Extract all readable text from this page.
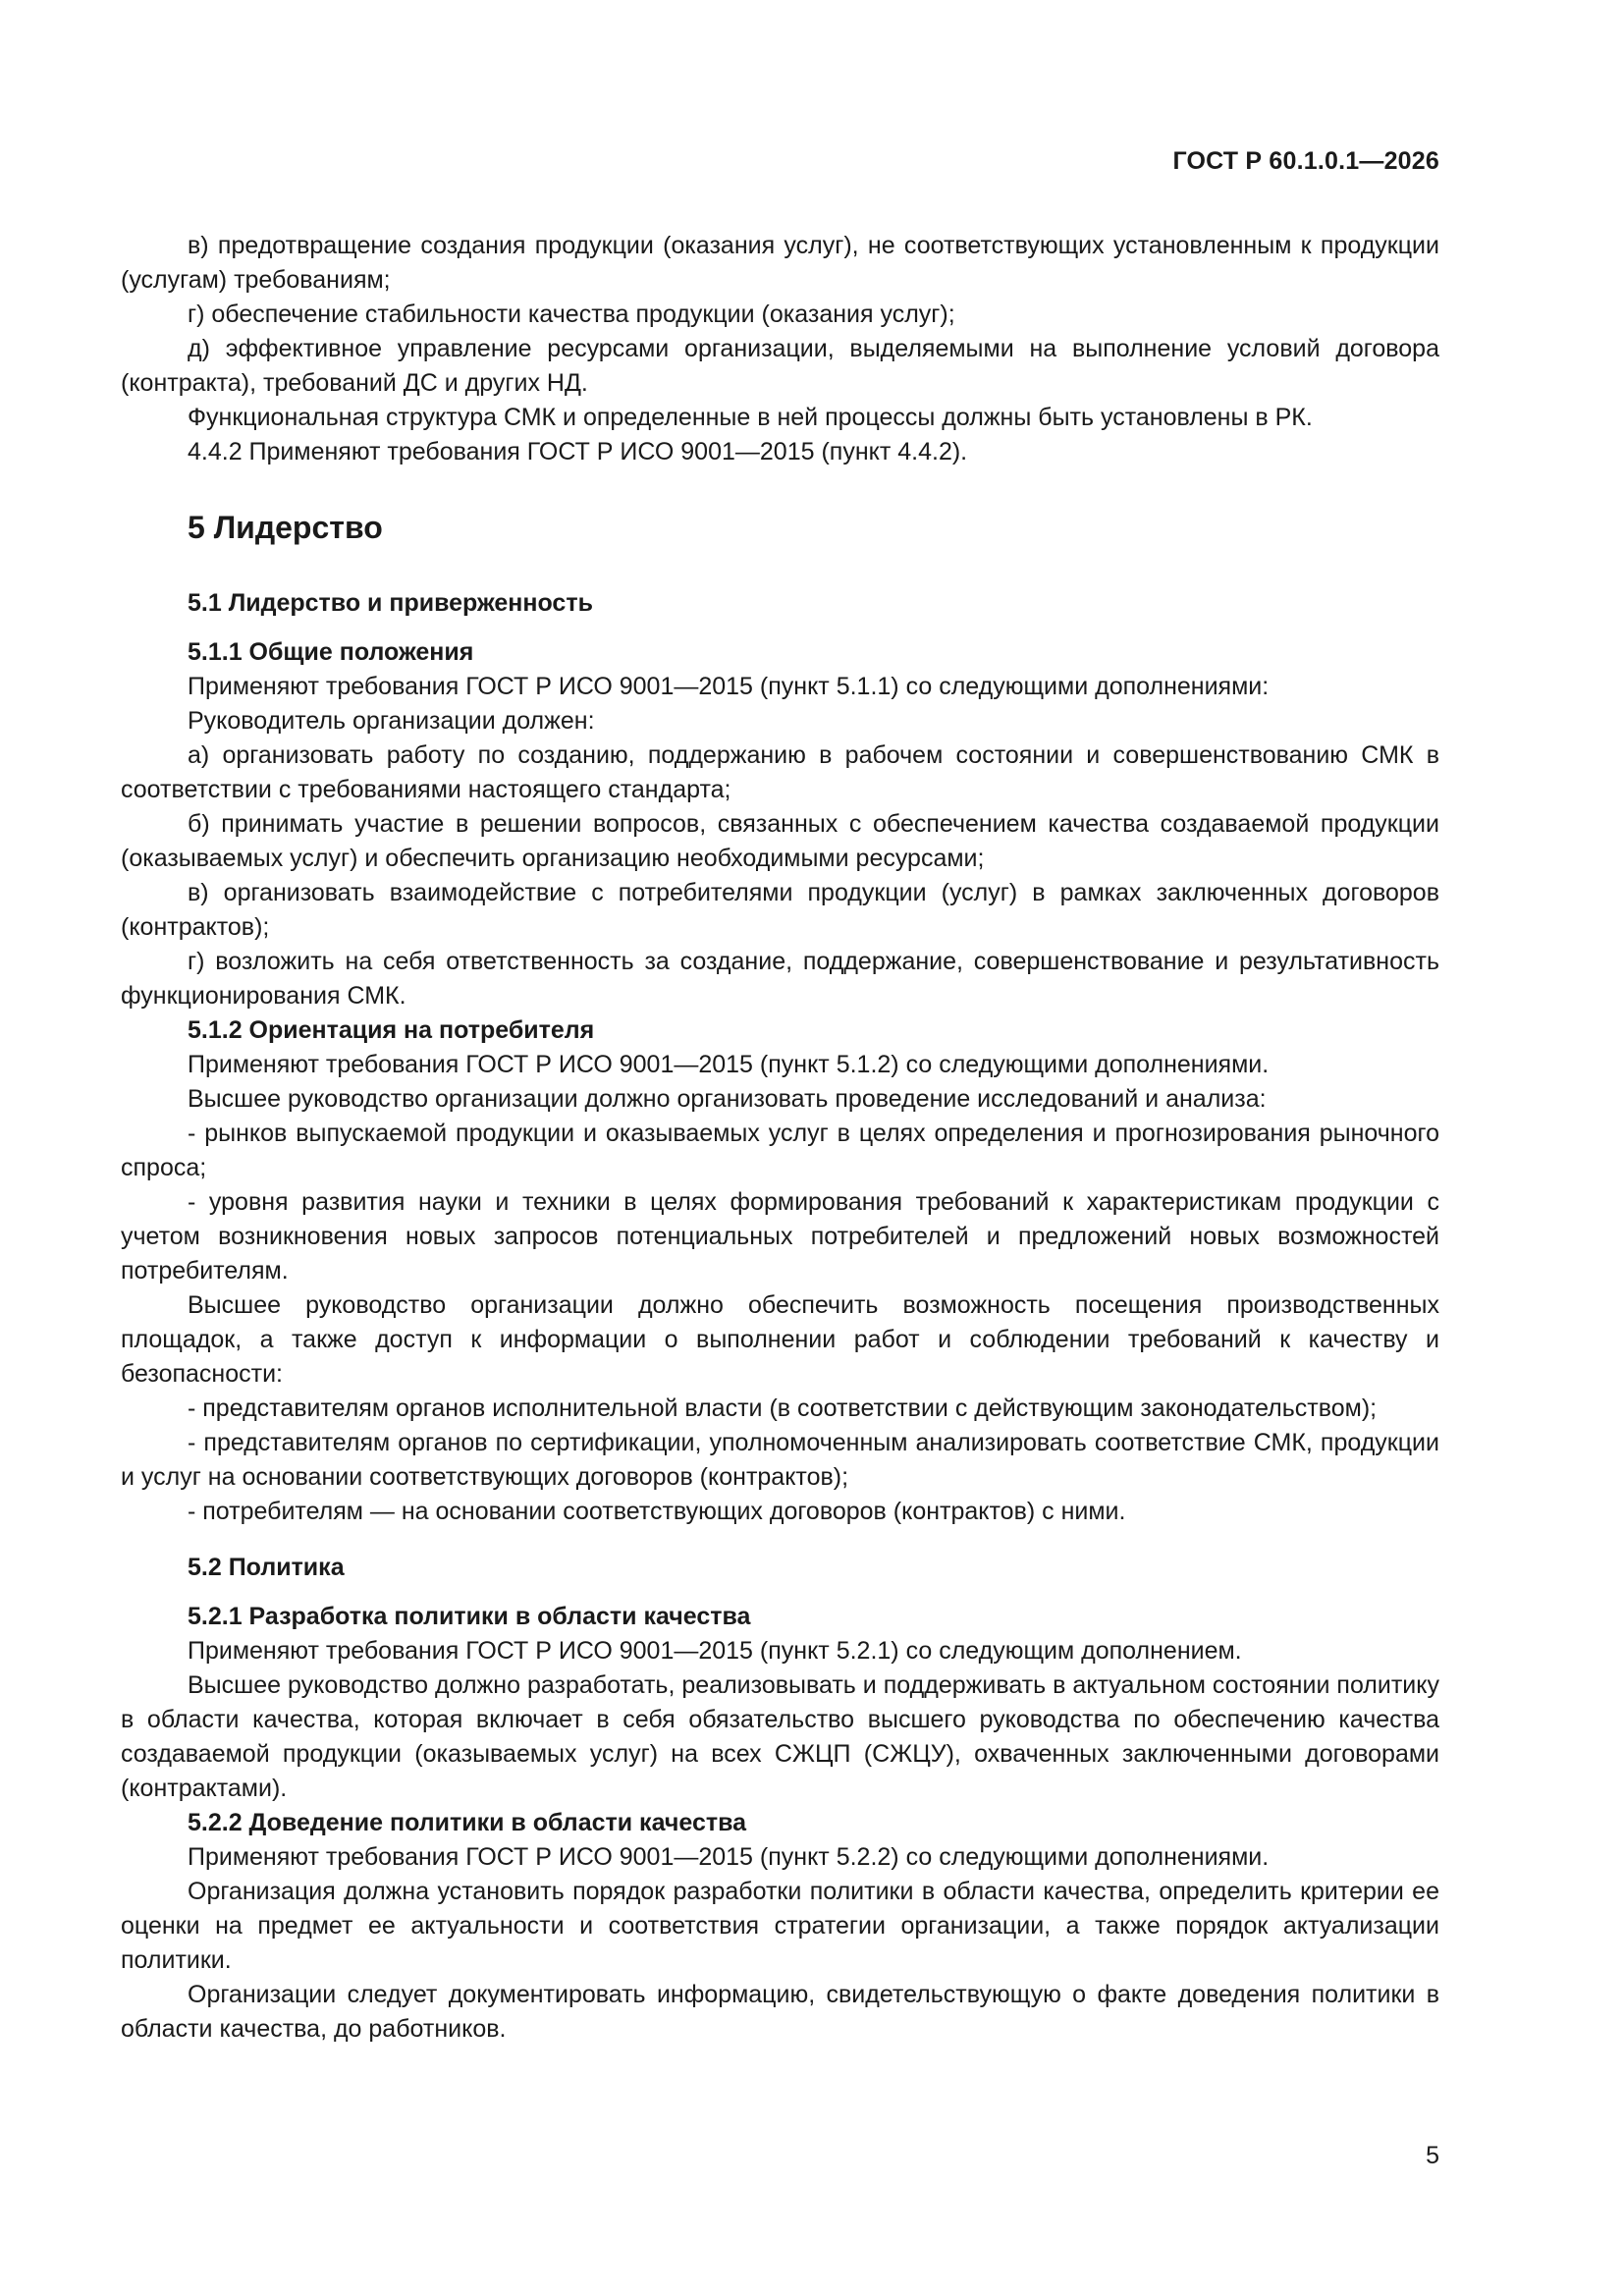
ГОСТ Р 60.1.0.1—2026

в) предотвращение создания продукции (оказания услуг), не соответствующих установленным к продукции (услугам) требованиям;

г) обеспечение стабильности качества продукции (оказания услуг);

д) эффективное управление ресурсами организации, выделяемыми на выполнение условий договора (контракта), требований ДС и других НД.

Функциональная структура СМК и определенные в ней процессы должны быть установлены в РК.

4.4.2 Применяют требования ГОСТ Р ИСО 9001—2015 (пункт 4.4.2).

5 Лидерство
5.1 Лидерство и приверженность

5.1.1 Общие положения

Применяют требования ГОСТ Р ИСО 9001—2015 (пункт 5.1.1) со следующими дополнениями:

Руководитель организации должен:

а) организовать работу по созданию, поддержанию в рабочем состоянии и совершенствованию СМК в соответствии с требованиями настоящего стандарта;

б) принимать участие в решении вопросов, связанных с обеспечением качества создаваемой продукции (оказываемых услуг) и обеспечить организацию необходимыми ресурсами;

в) организовать взаимодействие с потребителями продукции (услуг) в рамках заключенных договоров (контрактов);

г) возложить на себя ответственность за создание, поддержание, совершенствование и результативность функционирования СМК.

5.1.2 Ориентация на потребителя

Применяют требования ГОСТ Р ИСО 9001—2015 (пункт 5.1.2) со следующими дополнениями.

Высшее руководство организации должно организовать проведение исследований и анализа:

- рынков выпускаемой продукции и оказываемых услуг в целях определения и прогнозирования рыночного спроса;

- уровня развития науки и техники в целях формирования требований к характеристикам продукции с учетом возникновения новых запросов потенциальных потребителей и предложений новых возможностей потребителям.

Высшее руководство организации должно обеспечить возможность посещения производственных площадок, а также доступ к информации о выполнении работ и соблюдении требований к качеству и безопасности:

- представителям органов исполнительной власти (в соответствии с действующим законодательством);

- представителям органов по сертификации, уполномоченным анализировать соответствие СМК, продукции и услуг на основании соответствующих договоров (контрактов);

- потребителям — на основании соответствующих договоров (контрактов) с ними.

5.2 Политика

5.2.1 Разработка политики в области качества

Применяют требования ГОСТ Р ИСО 9001—2015 (пункт 5.2.1) со следующим дополнением.

Высшее руководство должно разработать, реализовывать и поддерживать в актуальном состоянии политику в области качества, которая включает в себя обязательство высшего руководства по обеспечению качества создаваемой продукции (оказываемых услуг) на всех СЖЦП (СЖЦУ), охваченных заключенными договорами (контрактами).

5.2.2 Доведение политики в области качества

Применяют требования ГОСТ Р ИСО 9001—2015 (пункт 5.2.2) со следующими дополнениями.

Организация должна установить порядок разработки политики в области качества, определить критерии ее оценки на предмет ее актуальности и соответствия стратегии организации, а также порядок актуализации политики.

Организации следует документировать информацию, свидетельствующую о факте доведения политики в области качества, до работников.

5
